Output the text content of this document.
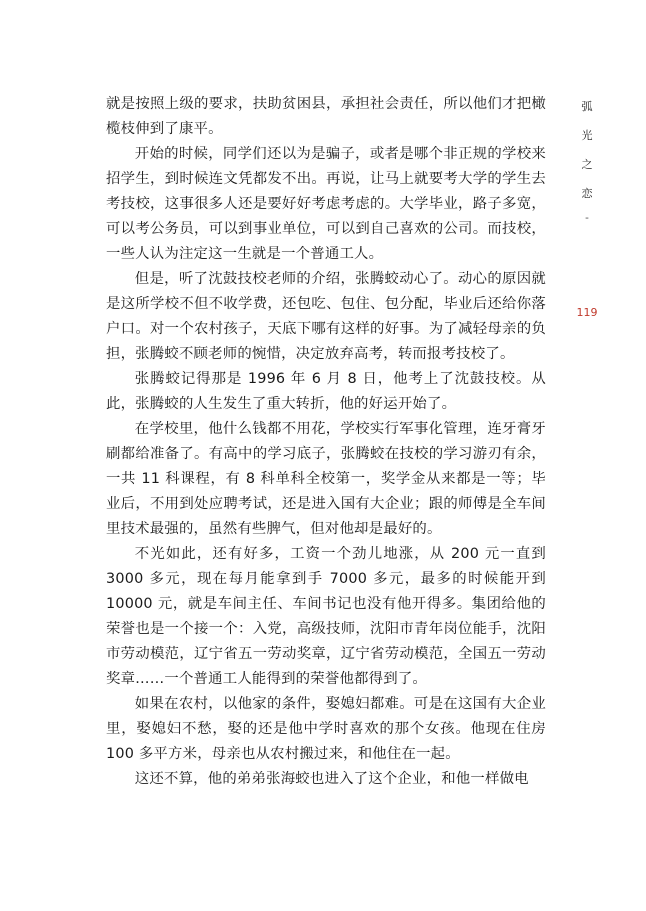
就是按照上级的要求，扶助贫困县，承担社会责任，所以他们才把橄榄枝伸到了康平。

开始的时候，同学们还以为是骗子，或者是哪个非正规的学校来招学生，到时候连文凭都发不出。再说，让马上就要考大学的学生去考技校，这事很多人还是要好好考虑考虑的。大学毕业，路子多宽，可以考公务员，可以到事业单位，可以到自己喜欢的公司。而技校，一些人认为注定这一生就是一个普通工人。

但是，听了沈鼓技校老师的介绍，张腾蛟动心了。动心的原因就是这所学校不但不收学费，还包吃、包住、包分配，毕业后还给你落户口。对一个农村孩子，天底下哪有这样的好事。为了减轻母亲的负担，张腾蛟不顾老师的惋惜，决定放弃高考，转而报考技校了。

张腾蛟记得那是 1996 年 6 月 8 日，他考上了沈鼓技校。从此，张腾蛟的人生发生了重大转折，他的好运开始了。

在学校里，他什么钱都不用花，学校实行军事化管理，连牙膏牙刷都给准备了。有高中的学习底子，张腾蛟在技校的学习游刃有余，一共 11 科课程，有 8 科单科全校第一，奖学金从来都是一等；毕业后，不用到处应聘考试，还是进入国有大企业；跟的师傅是全车间里技术最强的，虽然有些脾气，但对他却是最好的。

不光如此，还有好多，工资一个劲儿地涨，从 200 元一直到 3000 多元，现在每月能拿到手 7000 多元，最多的时候能开到 10000 元，就是车间主任、车间书记也没有他开得多。集团给他的荣誉也是一个接一个：入党，高级技师，沈阳市青年岗位能手，沈阳市劳动模范，辽宁省五一劳动奖章，辽宁省劳动模范，全国五一劳动奖章……一个普通工人能得到的荣誉他都得到了。

如果在农村，以他家的条件，娶媳妇都难。可是在这国有大企业里，娶媳妇不愁，娶的还是他中学时喜欢的那个女孩。他现在住房 100 多平方米，母亲也从农村搬过来，和他住在一起。

这还不算，他的弟弟张海蛟也进入了这个企业，和他一样做电

弧
光
之
恋
-
119
